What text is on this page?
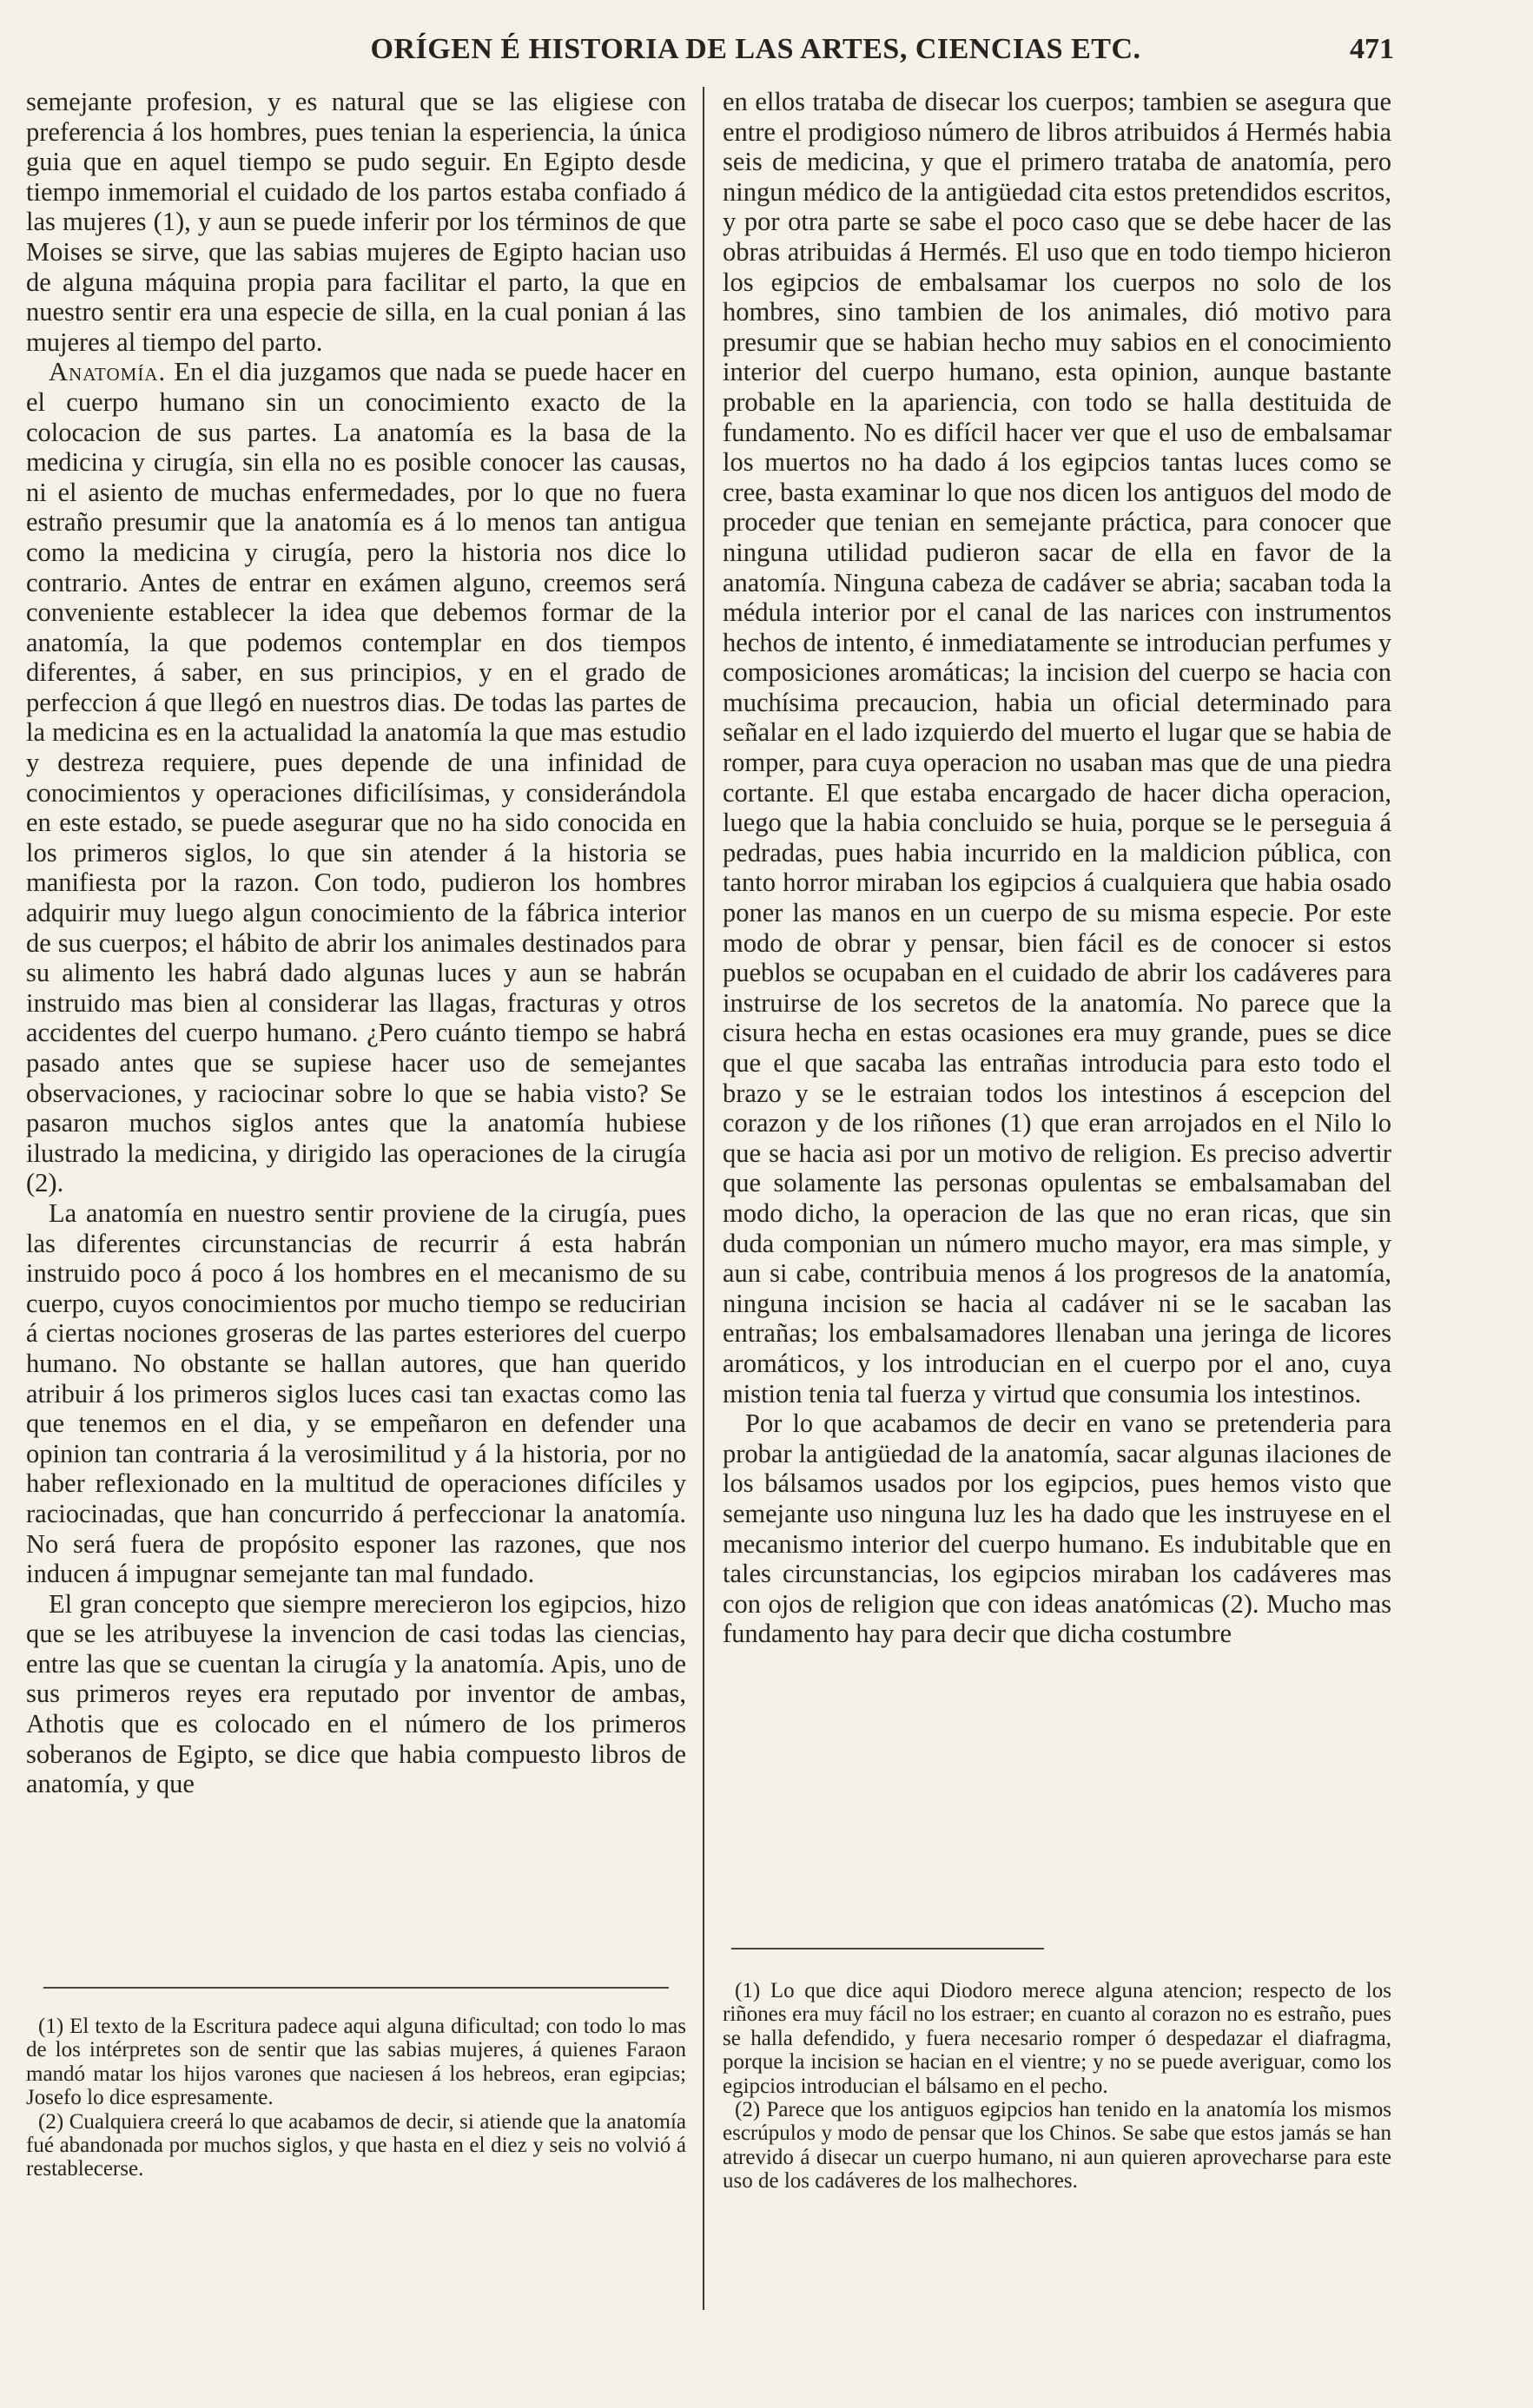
ORÍGEN É HISTORIA DE LAS ARTES, CIENCIAS ETC.	471

semejante profesion, y es natural que se las eligiese con preferencia á los hombres, pues tenian la esperiencia, la única guia que en aquel tiempo se pudo seguir. En Egipto desde tiempo inmemorial el cuidado de los partos estaba confiado á las mujeres (1), y aun se puede inferir por los términos de que Moises se sirve, que las sabias mujeres de Egipto hacian uso de alguna máquina propia para facilitar el parto, la que en nuestro sentir era una especie de silla, en la cual ponian á las mujeres al tiempo del parto.

Anatomía. En el dia juzgamos que nada se puede hacer en el cuerpo humano sin un conocimiento exacto de la colocacion de sus partes. La anatomía es la basa de la medicina y cirugía, sin ella no es posible conocer las causas, ni el asiento de muchas enfermedades, por lo que no fuera estraño presumir que la anatomía es á lo menos tan antigua como la medicina y cirugía, pero la historia nos dice lo contrario. Antes de entrar en exámen alguno, creemos será conveniente establecer la idea que debemos formar de la anatomía, la que podemos contemplar en dos tiempos diferentes, á saber, en sus principios, y en el grado de perfeccion á que llegó en nuestros dias. De todas las partes de la medicina es en la actualidad la anatomía la que mas estudio y destreza requiere, pues depende de una infinidad de conocimientos y operaciones dificilísimas, y considerándola en este estado, se puede asegurar que no ha sido conocida en los primeros siglos, lo que sin atender á la historia se manifiesta por la razon. Con todo, pudieron los hombres adquirir muy luego algun conocimiento de la fábrica interior de sus cuerpos; el hábito de abrir los animales destinados para su alimento les habrá dado algunas luces y aun se habrán instruido mas bien al considerar las llagas, fracturas y otros accidentes del cuerpo humano. ¿Pero cuánto tiempo se habrá pasado antes que se supiese hacer uso de semejantes observaciones, y raciocinar sobre lo que se habia visto? Se pasaron muchos siglos antes que la anatomía hubiese ilustrado la medicina, y dirigido las operaciones de la cirugía (2).

La anatomía en nuestro sentir proviene de la cirugía, pues las diferentes circunstancias de recurrir á esta habrán instruido poco á poco á los hombres en el mecanismo de su cuerpo, cuyos conocimientos por mucho tiempo se reducirian á ciertas nociones groseras de las partes esteriores del cuerpo humano. No obstante se hallan autores, que han querido atribuir á los primeros siglos luces casi tan exactas como las que tenemos en el dia, y se empeñaron en defender una opinion tan contraria á la verosimilitud y á la historia, por no haber reflexionado en la multitud de operaciones difíciles y raciocinadas, que han concurrido á perfeccionar la anatomía. No será fuera de propósito esponer las razones, que nos inducen á impugnar semejante tan mal fundado.

El gran concepto que siempre merecieron los egipcios, hizo que se les atribuyese la invencion de casi todas las ciencias, entre las que se cuentan la cirugía y la anatomía. Apis, uno de sus primeros reyes era reputado por inventor de ambas, Athotis que es colocado en el número de los primeros soberanos de Egipto, se dice que habia compuesto libros de anatomía, y que

(1) El texto de la Escritura padece aqui alguna dificultad; con todo lo mas de los intérpretes son de sentir que las sabias mujeres, á quienes Faraon mandó matar los hijos varones que naciesen á los hebreos, eran egipcias; Josefo lo dice espresamente.

(2) Cualquiera creerá lo que acabamos de decir, si atiende que la anatomía fué abandonada por muchos siglos, y que hasta en el diez y seis no volvió á restablecerse.

en ellos trataba de disecar los cuerpos; tambien se asegura que entre el prodigioso número de libros atribuidos á Hermés habia seis de medicina, y que el primero trataba de anatomía, pero ningun médico de la antigüedad cita estos pretendidos escritos, y por otra parte se sabe el poco caso que se debe hacer de las obras atribuidas á Hermés. El uso que en todo tiempo hicieron los egipcios de embalsamar los cuerpos no solo de los hombres, sino tambien de los animales, dió motivo para presumir que se habian hecho muy sabios en el conocimiento interior del cuerpo humano, esta opinion, aunque bastante probable en la apariencia, con todo se halla destituida de fundamento. No es difícil hacer ver que el uso de embalsamar los muertos no ha dado á los egipcios tantas luces como se cree, basta examinar lo que nos dicen los antiguos del modo de proceder que tenian en semejante práctica, para conocer que ninguna utilidad pudieron sacar de ella en favor de la anatomía. Ninguna cabeza de cadáver se abria; sacaban toda la médula interior por el canal de las narices con instrumentos hechos de intento, é inmediatamente se introducian perfumes y composiciones aromáticas; la incision del cuerpo se hacia con muchísima precaucion, habia un oficial determinado para señalar en el lado izquierdo del muerto el lugar que se habia de romper, para cuya operacion no usaban mas que de una piedra cortante. El que estaba encargado de hacer dicha operacion, luego que la habia concluido se huia, porque se le perseguia á pedradas, pues habia incurrido en la maldicion pública, con tanto horror miraban los egipcios á cualquiera que habia osado poner las manos en un cuerpo de su misma especie. Por este modo de obrar y pensar, bien fácil es de conocer si estos pueblos se ocupaban en el cuidado de abrir los cadáveres para instruirse de los secretos de la anatomía. No parece que la cisura hecha en estas ocasiones era muy grande, pues se dice que el que sacaba las entrañas introducia para esto todo el brazo y se le estraian todos los intestinos á escepcion del corazon y de los riñones (1) que eran arrojados en el Nilo lo que se hacia asi por un motivo de religion. Es preciso advertir que solamente las personas opulentas se embalsamaban del modo dicho, la operacion de las que no eran ricas, que sin duda componian un número mucho mayor, era mas simple, y aun si cabe, contribuia menos á los progresos de la anatomía, ninguna incision se hacia al cadáver ni se le sacaban las entrañas; los embalsamadores llenaban una jeringa de licores aromáticos, y los introducian en el cuerpo por el ano, cuya mistion tenia tal fuerza y virtud que consumia los intestinos.

Por lo que acabamos de decir en vano se pretenderia para probar la antigüedad de la anatomía, sacar algunas ilaciones de los bálsamos usados por los egipcios, pues hemos visto que semejante uso ninguna luz les ha dado que les instruyese en el mecanismo interior del cuerpo humano. Es indubitable que en tales circunstancias, los egipcios miraban los cadáveres mas con ojos de religion que con ideas anatómicas (2). Mucho mas fundamento hay para decir que dicha costumbre

(1) Lo que dice aqui Diodoro merece alguna atencion; respecto de los riñones era muy fácil no los estraer; en cuanto al corazon no es estraño, pues se halla defendido, y fuera necesario romper ó despedazar el diafragma, porque la incision se hacian en el vientre; y no se puede averiguar, como los egipcios introducian el bálsamo en el pecho.

(2) Parece que los antiguos egipcios han tenido en la anatomía los mismos escrúpulos y modo de pensar que los Chinos. Se sabe que estos jamás se han atrevido á disecar un cuerpo humano, ni aun quieren aprovecharse para este uso de los cadáveres de los malhechores.
